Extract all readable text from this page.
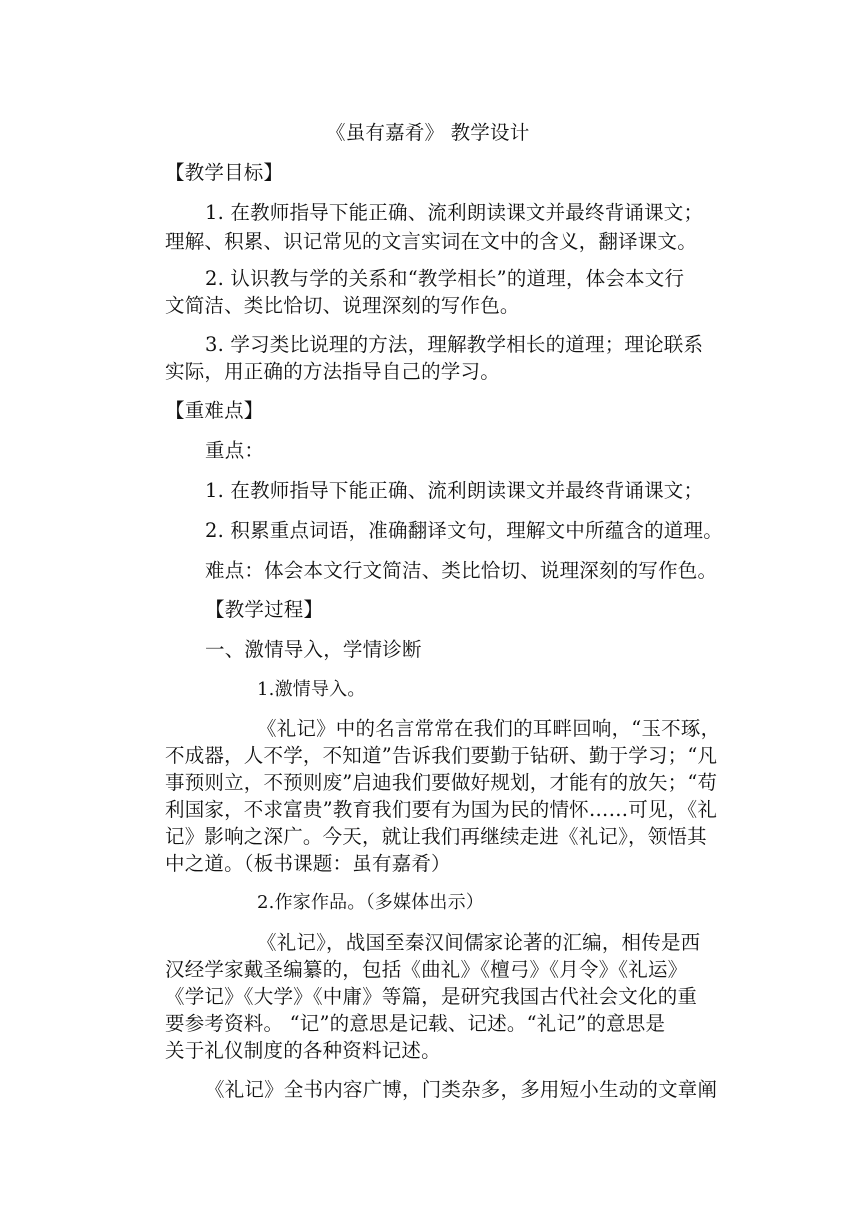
《虽有嘉肴》 教学设计
【教学目标】
1. 在教师指导下能正确、流利朗读课文并最终背诵课文；
理解、积累、识记常见的文言实词在文中的含义，翻译课文。
2. 认识教与学的关系和“教学相长”的道理，体会本文行
文简洁、类比恰切、说理深刻的写作色。
3. 学习类比说理的方法，理解教学相长的道理；理论联系
实际，用正确的方法指导自己的学习。
【重难点】
重点：
1. 在教师指导下能正确、流利朗读课文并最终背诵课文；
2. 积累重点词语，准确翻译文句，理解文中所蕴含的道理。
难点：体会本文行文简洁、类比恰切、说理深刻的写作色。
【教学过程】
一、激情导入，学情诊断
1.激情导入。
《礼记》中的名言常常在我们的耳畔回响，“玉不琢，
不成器，人不学，不知道”告诉我们要勤于钻研、勤于学习；“凡
事预则立，不预则废”启迪我们要做好规划，才能有的放矢；“苟
利国家，不求富贵”教育我们要有为国为民的情怀……可见，《礼
记》影响之深广。今天，就让我们再继续走进《礼记》，领悟其
中之道。（板书课题：虽有嘉肴）
2.作家作品。（多媒体出示）
《礼记》，战国至秦汉间儒家论著的汇编，相传是西
汉经学家戴圣编纂的，包括《曲礼》《檀弓》《月令》《礼运》
《学记》《大学》《中庸》等篇，是研究我国古代社会文化的重
要参考资料。 “记”的意思是记载、记述。“礼记”的意思是
关于礼仪制度的各种资料记述。
《礼记》全书内容广博，门类杂多，多用短小生动的文章阐
